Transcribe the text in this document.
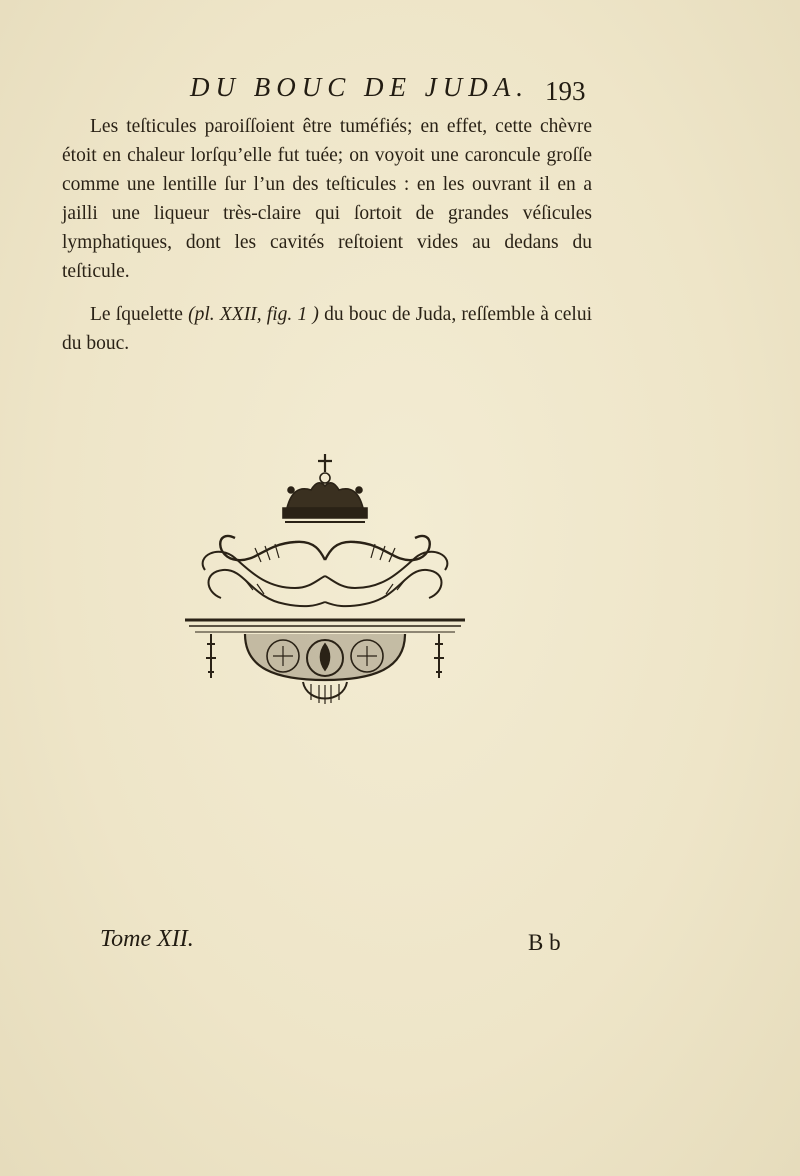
DU BOUC DE JUDA. 193

Les teſticules paroiſſoient être tuméfiés; en effet, cette chèvre étoit en chaleur lorſqu’elle fut tuée; on voyoit une caroncule groſſe comme une lentille ſur l’un des teſticules : en les ouvrant il en a jailli une liqueur très-claire qui ſortoit de grandes véſicules lymphatiques, dont les cavités reſtoient vides au dedans du teſticule.

Le ſquelette (pl. XXII, fig. 1 ) du bouc de Juda, reſſemble à celui du bouc.

Tome XII.	B b
